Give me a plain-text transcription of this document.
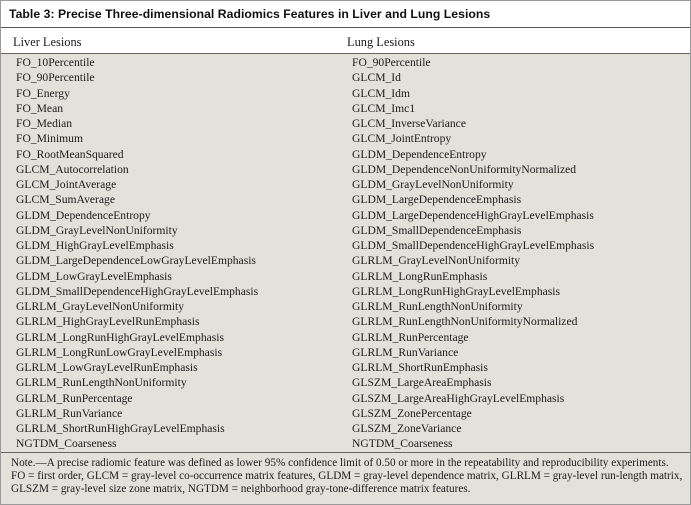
Table 3: Precise Three-dimensional Radiomics Features in Liver and Lung Lesions
Liver Lesions	Lung Lesions
FO_10Percentile
FO_90Percentile
FO_Energy
FO_Mean
FO_Median
FO_Minimum
FO_RootMeanSquared
GLCM_Autocorrelation
GLCM_JointAverage
GLCM_SumAverage
GLDM_DependenceEntropy
GLDM_GrayLevelNonUniformity
GLDM_HighGrayLevelEmphasis
GLDM_LargeDependenceLowGrayLevelEmphasis
GLDM_LowGrayLevelEmphasis
GLDM_SmallDependenceHighGrayLevelEmphasis
GLRLM_GrayLevelNonUniformity
GLRLM_HighGrayLevelRunEmphasis
GLRLM_LongRunHighGrayLevelEmphasis
GLRLM_LongRunLowGrayLevelEmphasis
GLRLM_LowGrayLevelRunEmphasis
GLRLM_RunLengthNonUniformity
GLRLM_RunPercentage
GLRLM_RunVariance
GLRLM_ShortRunHighGrayLevelEmphasis
NGTDM_Coarseness
FO_90Percentile
GLCM_Id
GLCM_Idm
GLCM_Imc1
GLCM_InverseVariance
GLCM_JointEntropy
GLDM_DependenceEntropy
GLDM_DependenceNonUniformityNormalized
GLDM_GrayLevelNonUniformity
GLDM_LargeDependenceEmphasis
GLDM_LargeDependenceHighGrayLevelEmphasis
GLDM_SmallDependenceEmphasis
GLDM_SmallDependenceHighGrayLevelEmphasis
GLRLM_GrayLevelNonUniformity
GLRLM_LongRunEmphasis
GLRLM_LongRunHighGrayLevelEmphasis
GLRLM_RunLengthNonUniformity
GLRLM_RunLengthNonUniformityNormalized
GLRLM_RunPercentage
GLRLM_RunVariance
GLRLM_ShortRunEmphasis
GLSZM_LargeAreaEmphasis
GLSZM_LargeAreaHighGrayLevelEmphasis
GLSZM_ZonePercentage
GLSZM_ZoneVariance
NGTDM_Coarseness

Note.—A precise radiomic feature was defined as lower 95% confidence limit of 0.50 or more in the repeatability and reproducibility experiments. FO = first order, GLCM = gray-level co-occurrence matrix features, GLDM = gray-level dependence matrix, GLRLM = gray-level run-length matrix, GLSZM = gray-level size zone matrix, NGTDM = neighborhood gray-tone-difference matrix features.
